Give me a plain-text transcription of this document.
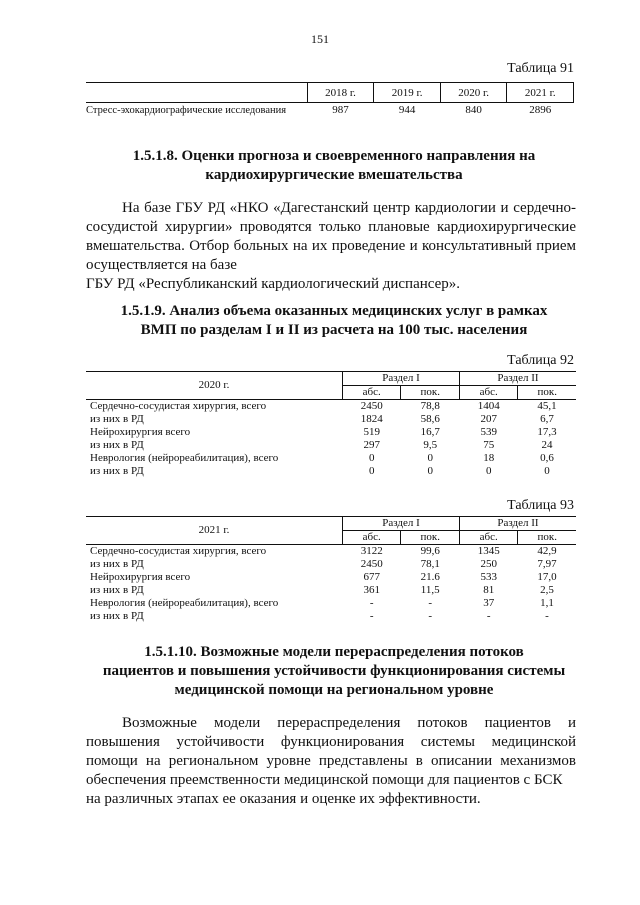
151
Таблица 91
	2018 г.	2019 г.	2020 г.	2021 г.
Стресс-эхокардиографические исследования	987	944	840	2896
1.5.1.8. Оценки прогноза и своевременного направления на
кардиохирургические вмешательства

На базе ГБУ РД «НКО «Дагестанский центр кардиологии и сердечно-сосудистой хирургии» проводятся только плановые кардиохирургические вмешательства. Отбор больных на их проведение и консультативный прием осуществляется на базе

ГБУ РД «Республиканский кардиологический диспансер».
1.5.1.9. Анализ объема оказанных медицинских услуг в рамках
ВМП по разделам I и II из расчета на 100 тыс. населения
Таблица 92
2020 г.	Раздел I		Раздел II	
	абс.	пок.	абс.	пок.
Сердечно-сосудистая хирургия, всего	2450	78,8	1404	45,1
из них в РД	1824	58,6	207	6,7
Нейрохирургия всего	519	16,7	539	17,3
из них в РД	297	9,5	75	24
Неврология (нейрореабилитация), всего	0	0	18	0,6
из них в РД	0	0	0	0
Таблица 93
2021 г.	Раздел I		Раздел II	
	абс.	пок.	абс.	пок.
Сердечно-сосудистая хирургия, всего	3122	99,6	1345	42,9
из них в РД	2450	78,1	250	7,97
Нейрохирургия всего	677	21.6	533	17,0
из них в РД	361	11,5	81	2,5
Неврология (нейрореабилитация), всего	-	-	37	1,1
из них в РД	-	-	-	-
1.5.1.10. Возможные модели перераспределения потоков
пациентов и повышения устойчивости функционирования системы
медицинской помощи на региональном уровне

Возможные модели перераспределения потоков пациентов и повышения устойчивости функционирования системы медицинской помощи на региональном уровне представлены в описании механизмов обеспечения преемственности медицинской помощи для пациентов с БСК

на различных этапах ее оказания и оценке их эффективности.
